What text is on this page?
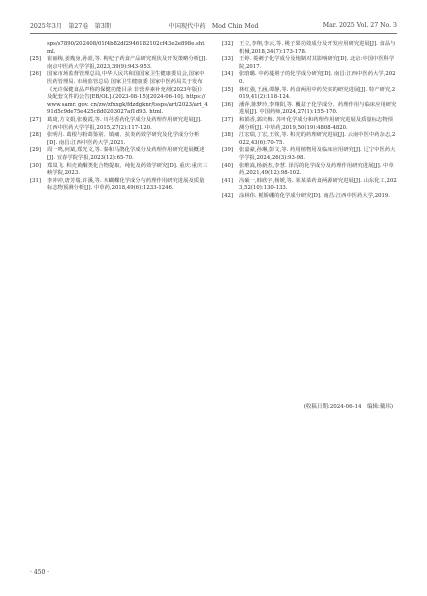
2025年3月　第27卷　第3期	中国现代中药　Mod Chin Med	Mar. 2025 Vol. 27 No. 3
sps/s7890/202408/01f4b82df2946182102cf43e2e898e.shtml.
[25] 崔丽梅,姜胤身,孙蓝,等. 枸杞子药食产品研究现状及开发策略分析[J]. 南京中医药大学学报,2023,39(9):943-953.
[26] 国家市场监督管理总局,中华人民共和国国家卫生健康委员会,国家中医药管理局. 市场监管总局 国家卫生健康委 国家中医药局关于发布《允许保健食品声称的保健功能目录 非营养素补充剂(2023年版)》及配套文件的公告[EB/OL].(2023-08-15)[2024-06-10]. https://www.samr. gov. cn/zw/zfxxgk/fdzdgknr/tssps/art/2023/art_491d5c9de75e425c8d0203027af1d93. html.
[27] 葛琦,方文娟,张俊霞,等. 川芎香药化学成分及药理作用研究进展[J]. 江西中医药大学学报,2015,27(2):117-120.
[28] 张明月. 葛根与粉葛鉴别、镇痛、抗炎药效学研究及化学成分分析[D]. 南昌:江西中医药大学,2021.
[29] 周一鸣,何斌,郑光文,等. 秦和马鹃化学成分及药理作用研究进展概述[J]. 宜春学院学报,2023(12):65-70.
[30] 郑岚飞. 积壳黄酮类化合物提取、纯化及药效学研究[D]. 重庆:重庆三峡学院,2023.
[31] 李冲冲,唐芳瑞,许溪,等. 木蝴蝶化学成分与药理作用研究进展及质量标志物预测分析[J]. 中草药,2018,49(6):1233-1246.
[32] 王立,李翔,李云,等. 桃子果功效成分及开发应用研究进展[J]. 食品与机械,2018,34(7):173-178.
[33] 王婷. 菱刺子化学成分及炮制对其影响研究[D]. 北京:中国中医科学院,2017.
[34] 张晗璐. 中药蔓荆子的化学成分研究[D]. 南昌:江西中医药大学,2020.
[35] 林红强,王涵,谭静,等. 药食两用中药芡实的研究进展[J]. 特产研究,2019,41(2):118-124.
[36] 潘萍,陈梦玲,李翔阳,等. 覆盆子化学成分、药理作用与临床应用研究进展[J]. 中国药师,2024,27(1):155-170.
[37] 和娟香,郭庆梅. 苏叶化学成分和药理作用研究进展及质量标志物预测分析[J]. 中草药,2019,50(19):4808-4820.
[38] 江宏瑞,丁宏,王钦,等. 积壳的药理研究进展[J]. 云南中医中药杂志,2022,43(6):70-75.
[39] 张嘉豪,孙琳,彭文,等. 药用植物用及临床应用研究[J]. 辽宁中医药大学学报,2024,26(3):93-98.
[40] 张维嵩,杨新杰,李慧. 泽泻的化学成分及药理作用研究进展[J]. 中草药,2021,49(12):98-102.
[41] 冯硕一,韩欣宇,杨媛,等. 某某菜药食两源研究进展[J]. 山东化工,2023,52(10):130-133.
[42] 涂林伟. 栀娇硼的化学成分研究[D]. 南昌:江西中医药大学,2019.
(收稿日期:2024-06-14　编辑:戴玮)
· 450 ·
